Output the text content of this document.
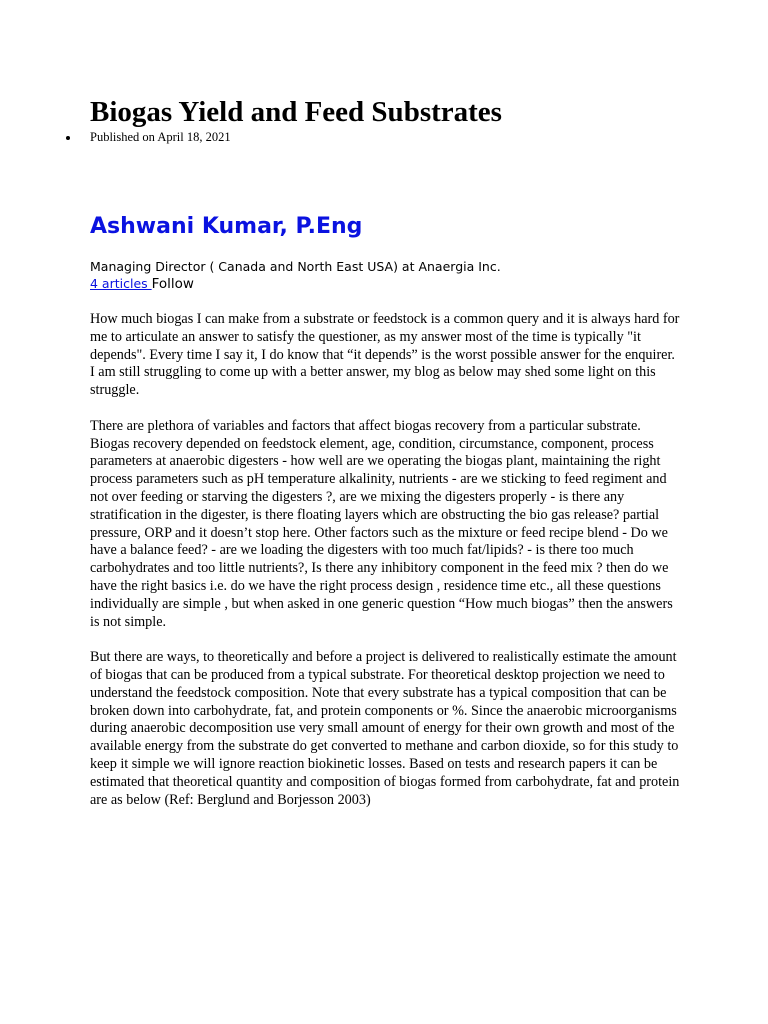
Biogas Yield and Feed Substrates
Published on April 18, 2021
Ashwani Kumar, P.Eng
Managing Director ( Canada and North East USA) at Anaergia Inc.
4 articles Follow

How much biogas I can make from a substrate or feedstock is a common query and it is always hard for me to articulate an answer to satisfy the questioner, as my answer most of the time is typically "it depends". Every time I say it, I do know that “it depends” is the worst possible answer for the enquirer. I am still struggling to come up with a better answer, my blog as below may shed some light on this struggle.

There are plethora of variables and factors that affect biogas recovery from a particular substrate. Biogas recovery depended on feedstock element, age, condition, circumstance, component, process parameters at anaerobic digesters - how well are we operating the biogas plant, maintaining the right process parameters such as pH temperature alkalinity, nutrients - are we sticking to feed regiment and not over feeding or starving the digesters ?, are we mixing the digesters properly - is there any stratification in the digester, is there floating layers which are obstructing the bio gas release? partial pressure, ORP and it doesn’t stop here. Other factors such as the mixture or feed recipe blend - Do we have a balance feed? - are we loading the digesters with too much fat/lipids? - is there too much carbohydrates and too little nutrients?, Is there any inhibitory component in the feed mix ? then do we have the right basics i.e. do we have the right process design , residence time etc., all these questions individually are simple , but when asked in one generic question “How much biogas” then the answers is not simple.

But there are ways, to theoretically and before a project is delivered to realistically estimate the amount of biogas that can be produced from a typical substrate. For theoretical desktop projection we need to understand the feedstock composition. Note that every substrate has a typical composition that can be broken down into carbohydrate, fat, and protein components or %. Since the anaerobic microorganisms during anaerobic decomposition use very small amount of energy for their own growth and most of the available energy from the substrate do get converted to methane and carbon dioxide, so for this study to keep it simple we will ignore reaction biokinetic losses. Based on tests and research papers it can be estimated that theoretical quantity and composition of biogas formed from carbohydrate, fat and protein are as below (Ref: Berglund and Borjesson 2003)
